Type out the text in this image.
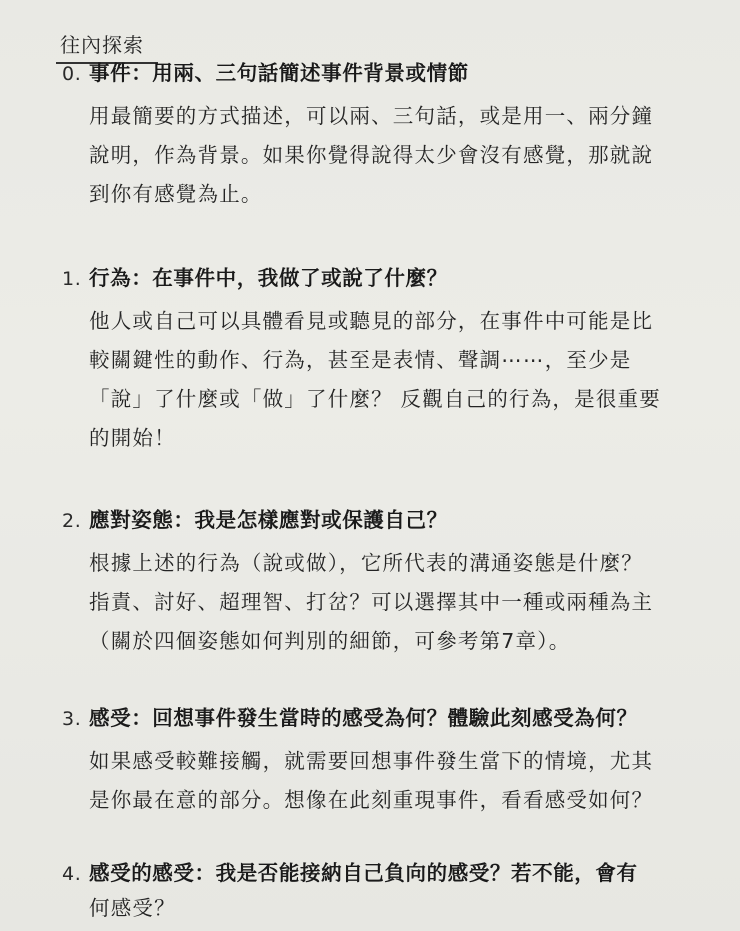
往內探索
0. 事件：用兩、三句話簡述事件背景或情節
用最簡要的方式描述，可以兩、三句話，或是用一、兩分鐘
說明，作為背景。如果你覺得說得太少會沒有感覺，那就說
到你有感覺為止。
1. 行為：在事件中，我做了或說了什麼？
他人或自己可以具體看見或聽見的部分，在事件中可能是比
較關鍵性的動作、行為，甚至是表情、聲調⋯⋯，至少是
「說」了什麼或「做」了什麼？ 反觀自己的行為，是很重要
的開始！
2. 應對姿態：我是怎樣應對或保護自己？
根據上述的行為（說或做），它所代表的溝通姿態是什麼？
指責、討好、超理智、打岔？可以選擇其中一種或兩種為主
（關於四個姿態如何判別的細節，可參考第7章）。
3. 感受：回想事件發生當時的感受為何？體驗此刻感受為何？
如果感受較難接觸，就需要回想事件發生當下的情境，尤其
是你最在意的部分。想像在此刻重現事件，看看感受如何？
4. 感受的感受：我是否能接納自己負向的感受？若不能，會有
何感受？
